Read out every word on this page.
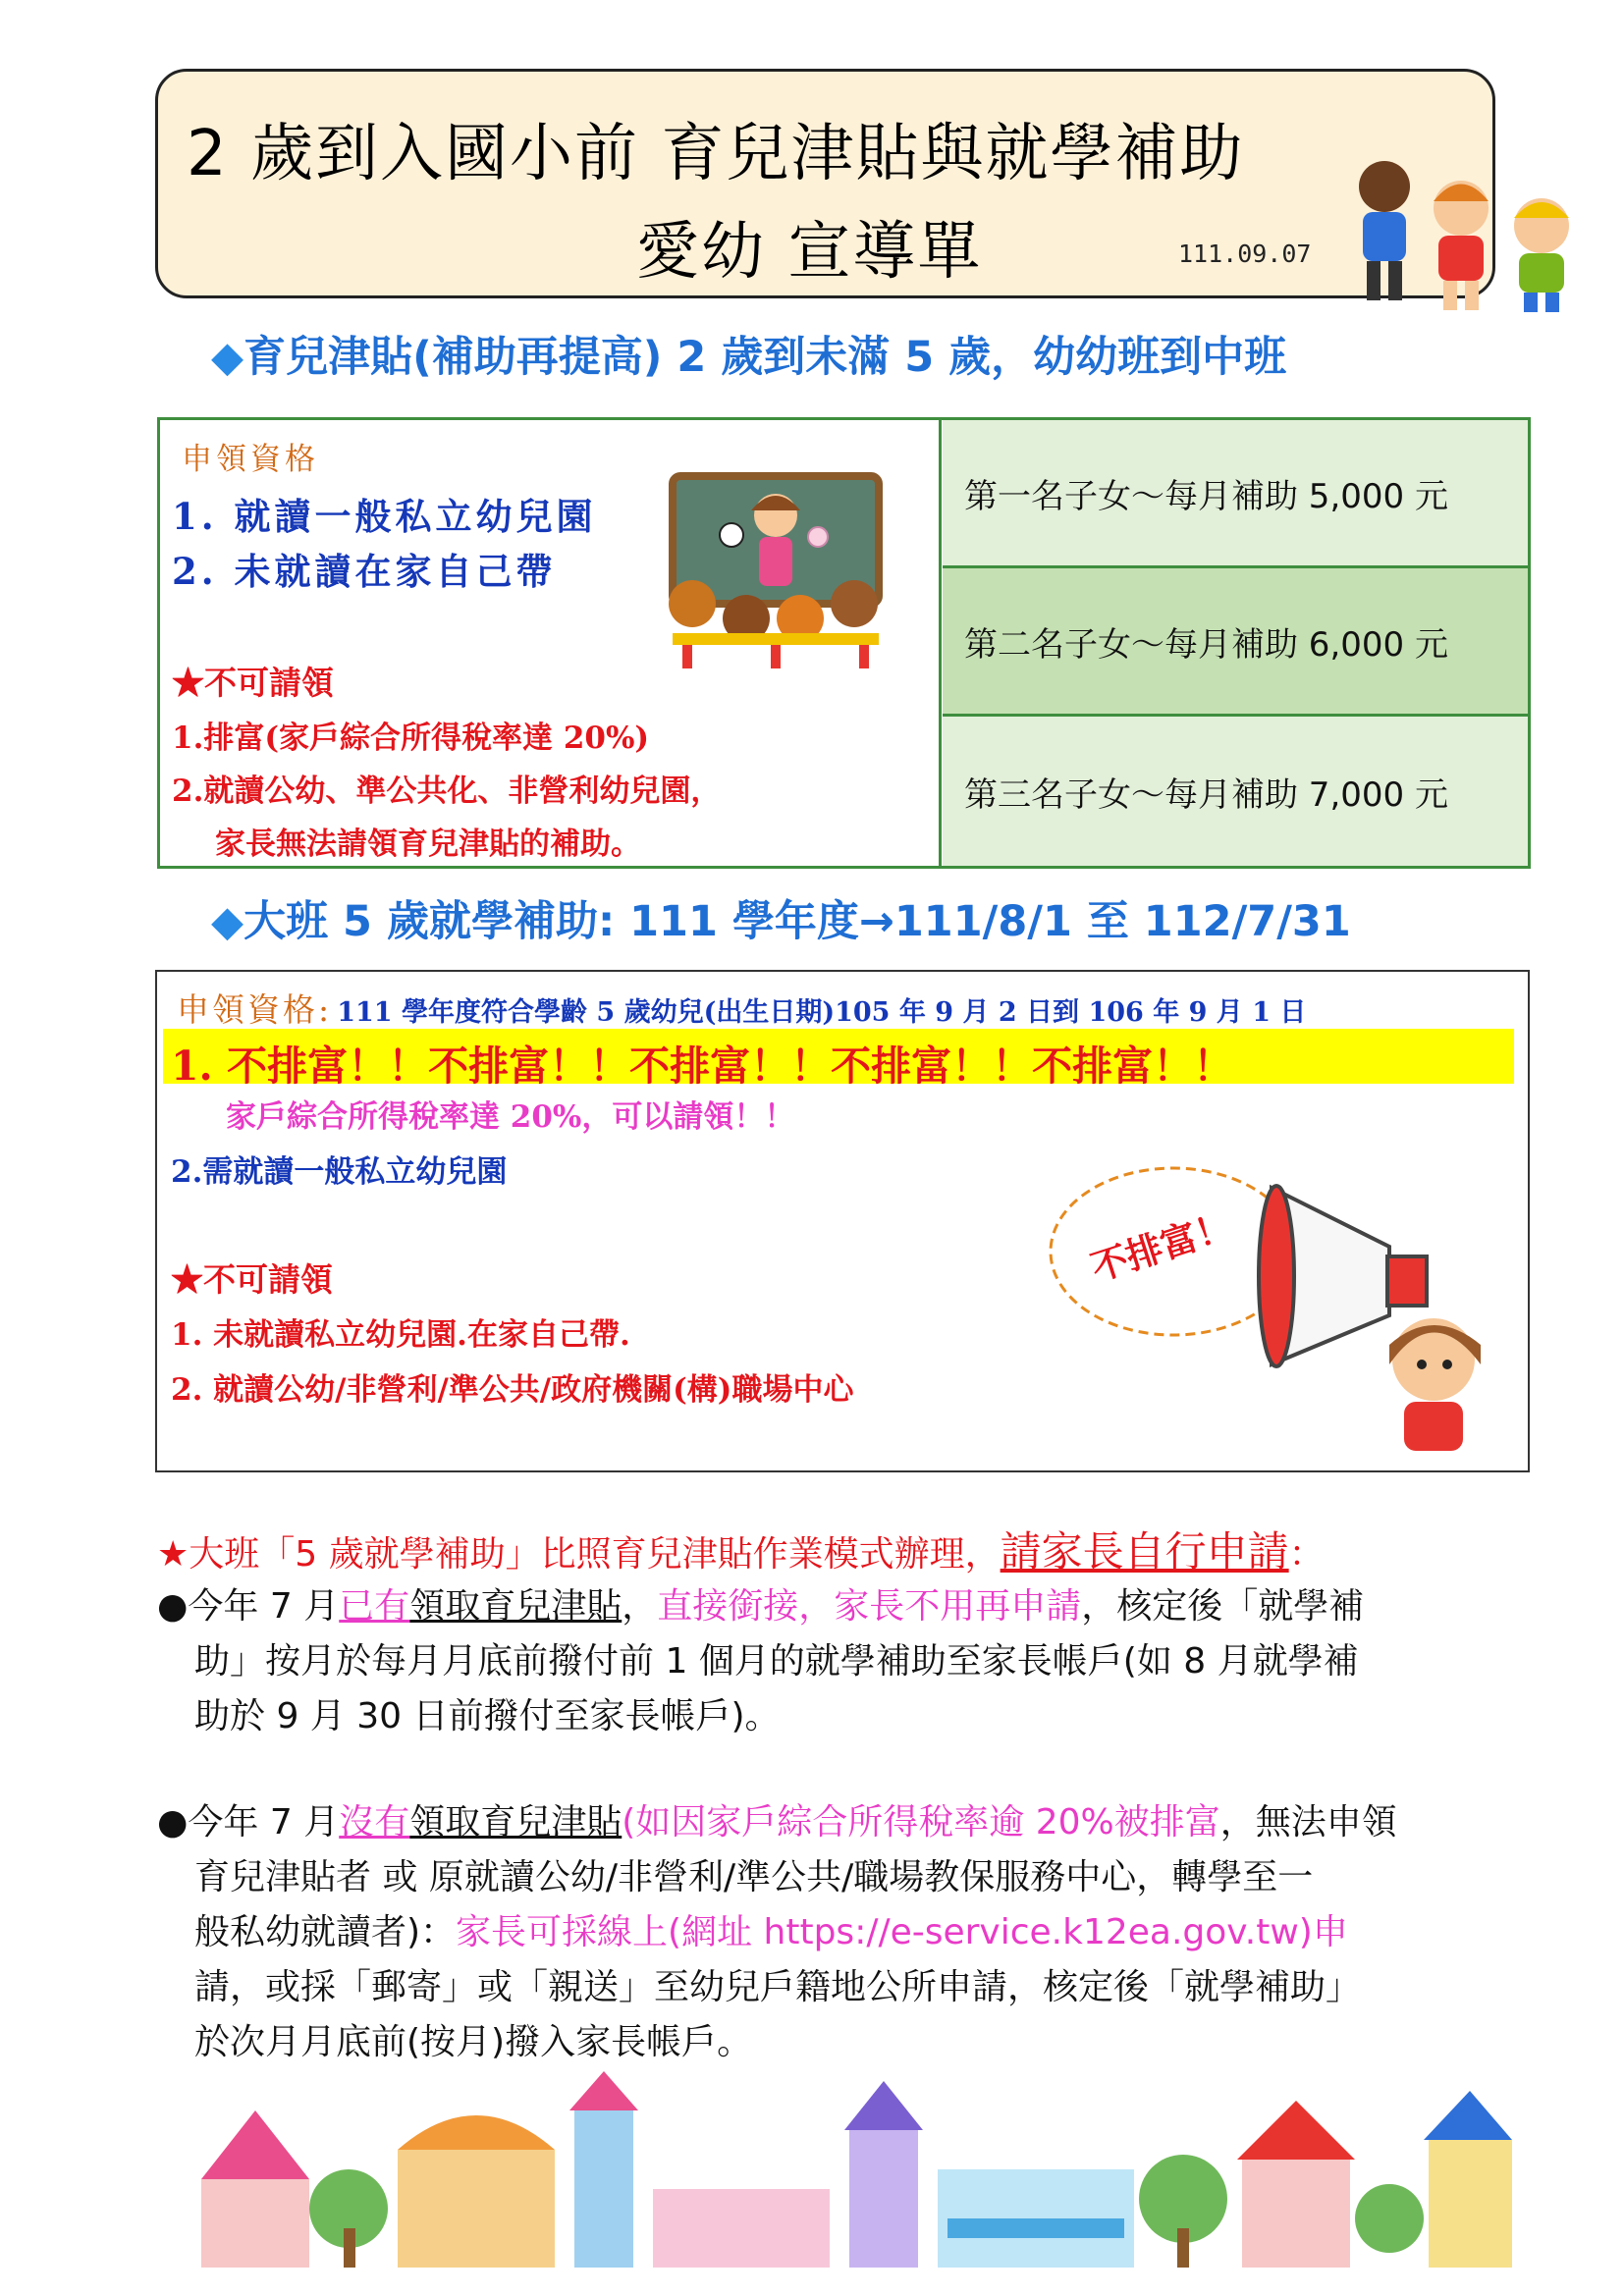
2 歲到入國小前 育兒津貼與就學補助
愛幼 宣導單	111.09.07
◆育兒津貼(補助再提高) 2 歲到未滿 5 歲，幼幼班到中班
申領資格
1. 就讀一般私立幼兒園
2. 未就讀在家自己帶
★不可請領
1.排富(家戶綜合所得稅率達 20%)
2.就讀公幼、準公共化、非營利幼兒園，
家長無法請領育兒津貼的補助。
第一名子女～每月補助 5,000 元
第二名子女～每月補助 6,000 元
第三名子女～每月補助 7,000 元
◆大班 5 歲就學補助: 111 學年度→111/8/1 至 112/7/31
申領資格: 111 學年度符合學齡 5 歲幼兒(出生日期)105 年 9 月 2 日到 106 年 9 月 1 日
1. 不排富！！不排富！！不排富！！不排富！！不排富！！
家戶綜合所得稅率達 20%，可以請領！！
2.需就讀一般私立幼兒園
★不可請領
1. 未就讀私立幼兒園.在家自己帶.
2. 就讀公幼/非營利/準公共/政府機關(構)職場中心
不排富！
★大班「5 歲就學補助」比照育兒津貼作業模式辦理，請家長自行申請：
●今年 7 月已有領取育兒津貼，直接銜接，家長不用再申請，核定後「就學補
助」按月於每月月底前撥付前 1 個月的就學補助至家長帳戶(如 8 月就學補
助於 9 月 30 日前撥付至家長帳戶)。
●今年 7 月沒有領取育兒津貼(如因家戶綜合所得稅率逾 20%被排富，無法申領
育兒津貼者 或 原就讀公幼/非營利/準公共/職場教保服務中心，轉學至一
般私幼就讀者)：家長可採線上(網址 https://e-service.k12ea.gov.tw)申
請，或採「郵寄」或「親送」至幼兒戶籍地公所申請，核定後「就學補助」
於次月月底前(按月)撥入家長帳戶。
